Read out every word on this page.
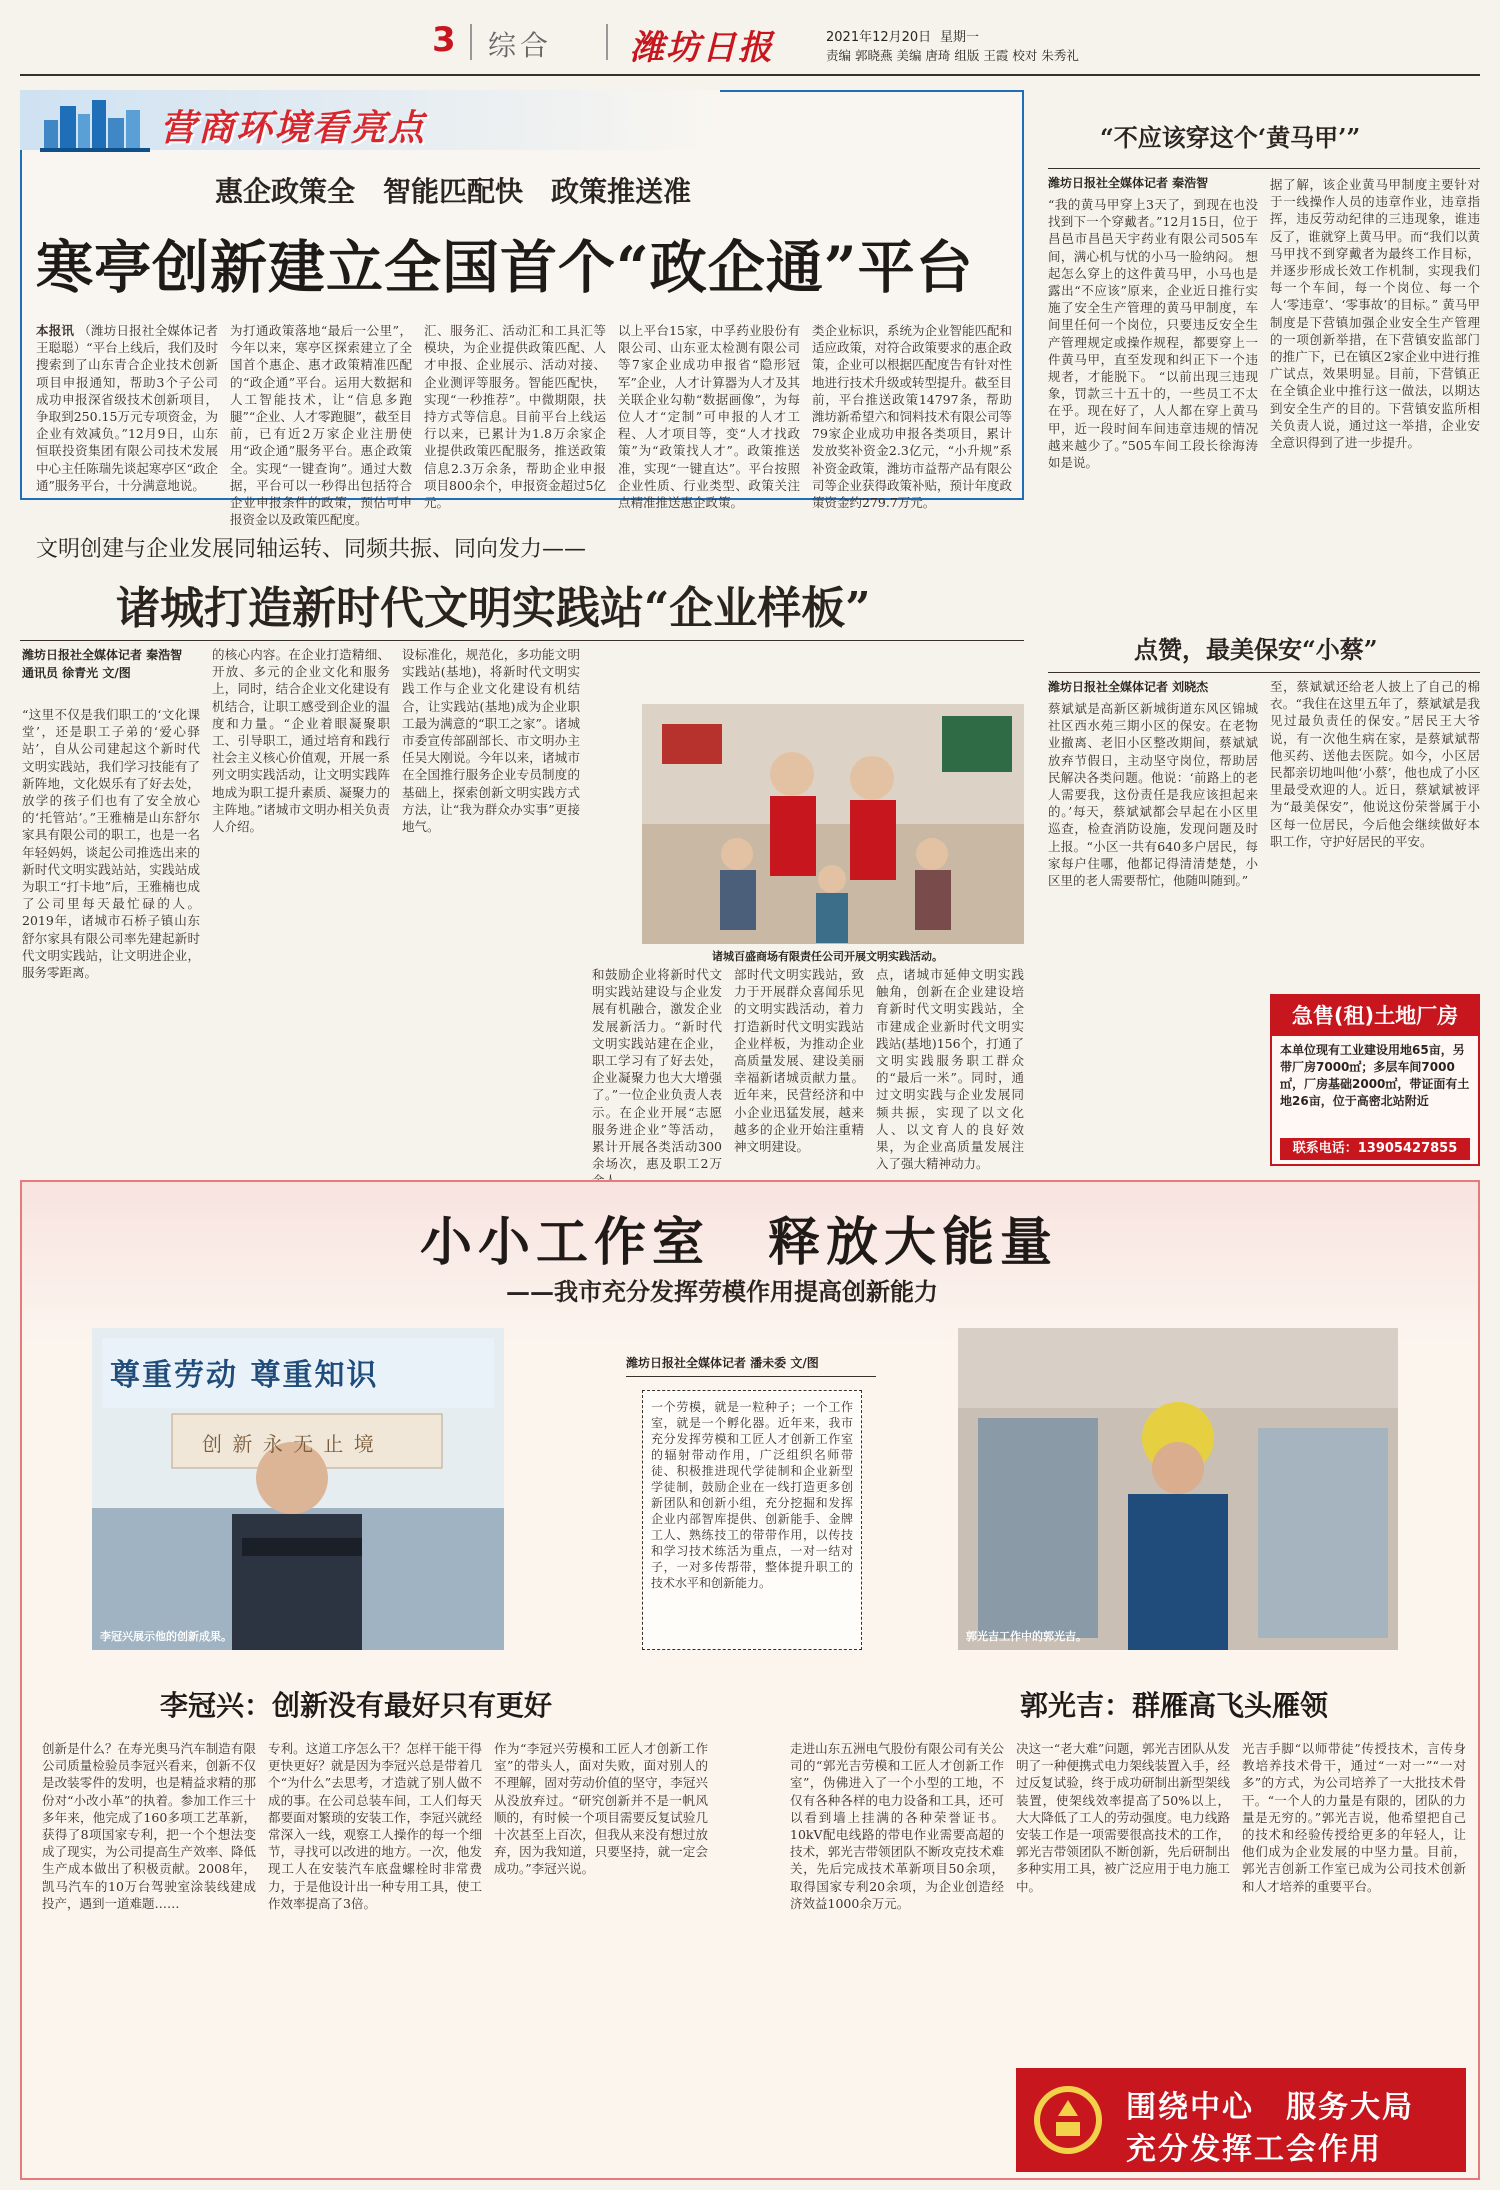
3 综合 潍坊日报	2021年12月20日 星期一
责编 郭晓燕 美编 唐琦 组版 王霞 校对 朱秀礼
营商环境看亮点
惠企政策全　智能匹配快　政策推送准
寒亭创新建立全国首个“政企通”平台
本报讯 （潍坊日报社全媒体记者 王聪聪）“平台上线后，我们及时搜索到了山东青合企业技术创新项目申报通知，帮助3个子公司成功申报深省级技术创新项目，争取到250.15万元专项资金，为企业有效减负。”12月9日，山东恒联投资集团有限公司技术发展中心主任陈瑞先谈起寒亭区“政企通”服务平台，十分满意地说。
为打通政策落地“最后一公里”，今年以来，寒亭区探索建立了全国首个惠企、惠才政策精准匹配的“政企通”平台。运用大数据和人工智能技术，让“信息多跑腿”“企业、人才零跑腿”，截至目前，已有近2万家企业注册使用“政企通”服务平台。惠企政策全。实现“一键查询”。通过大数据，平台可以一秒得出包括符合企业申报条件的政策，预估可申报资金以及政策匹配度。
汇、服务汇、活动汇和工具汇等模块，为企业提供政策匹配、人才申报、企业展示、活动对接、企业测评等服务。智能匹配快，实现“一秒推荐”。中微期限，扶持方式等信息。目前平台上线运行以来，已累计为1.8万余家企业提供政策匹配服务，推送政策信息2.3万余条，帮助企业申报项目800余个，申报资金超过5亿元。
以上平台15家，中孚药业股份有限公司、山东亚太检测有限公司等7家企业成功申报省“隐形冠军”企业，人才计算器为人才及其关联企业勾勒“数据画像”，为每位人才“定制”可申报的人才工程、人才项目等，变“人才找政策”为“政策找人才”。政策推送准，实现“一键直达”。平台按照企业性质、行业类型、政策关注点精准推送惠企政策。
类企业标识，系统为企业智能匹配和适应政策，对符合政策要求的惠企政策，企业可以根据匹配度告有针对性地进行技术升级或转型提升。截至目前，平台推送政策14797条，帮助潍坊新希望六和饲料技术有限公司等79家企业成功申报各类项目，累计发放奖补资金2.3亿元，“小升规”系补资金政策，潍坊市益帮产品有限公司等企业获得政策补贴，预计年度政策资金约279.7万元。
“不应该穿这个‘黄马甲’”
潍坊日报社全媒体记者 秦浩智
“我的黄马甲穿上3天了，到现在也没找到下一个穿戴者。”12月15日，位于昌邑市昌邑天宇药业有限公司505车间，满心机与忧的小马一脸纳闷。 想起怎么穿上的这件黄马甲，小马也是露出“不应该”原来，企业近日推行实施了安全生产管理的黄马甲制度，车间里任何一个岗位，只要违反安全生产管理规定或操作规程，都要穿上一件黄马甲，直至发现和纠正下一个违规者，才能脱下。 “以前出现三违现象，罚款三十五十的，一些员工不太在乎。现在好了，人人都在穿上黄马甲，近一段时间车间违章违规的情况越来越少了。”505车间工段长徐海涛如是说。
据了解，该企业黄马甲制度主要针对于一线操作人员的违章作业，违章指挥，违反劳动纪律的三违现象，谁违反了，谁就穿上黄马甲。而“我们以黄马甲找不到穿戴者为最终工作目标，并逐步形成长效工作机制，实现我们每一个车间，每一个岗位、每一个人‘零违章’、‘零事故’的目标。” 黄马甲制度是下营镇加强企业安全生产管理的一项创新举措，在下营镇安监部门的推广下，已在镇区2家企业中进行推广试点，效果明显。目前，下营镇正在全镇企业中推行这一做法，以期达到安全生产的目的。下营镇安监所相关负责人说，通过这一举措，企业安全意识得到了进一步提升。
文明创建与企业发展同轴运转、同频共振、同向发力——
诸城打造新时代文明实践站“企业样板”
潍坊日报社全媒体记者 秦浩智　通讯员 徐青光 文/图
“这里不仅是我们职工的‘文化课堂’，还是职工子弟的‘爱心驿站’，自从公司建起这个新时代文明实践站，我们学习技能有了新阵地，文化娱乐有了好去处，放学的孩子们也有了安全放心的‘托管站’。”王雅楠是山东舒尔家具有限公司的职工，也是一名年轻妈妈，谈起公司推选出来的新时代文明实践站站，实践站成为职工“打卡地”后，王雅楠也成了公司里每天最忙碌的人。2019年，诸城市石桥子镇山东舒尔家具有限公司率先建起新时代文明实践站，让文明进企业，服务零距离。
的核心内容。在企业打造精细、开放、多元的企业文化和服务上，同时，结合企业文化建设有机结合，让职工感受到企业的温度和力量。“企业着眼凝聚职工、引导职工，通过培育和践行社会主义核心价值观，开展一系列文明实践活动，让文明实践阵地成为职工提升素质、凝聚力的主阵地。”诸城市文明办相关负责人介绍。
设标准化，规范化，多功能文明实践站(基地)，将新时代文明实践工作与企业文化建设有机结合，让实践站(基地)成为企业职工最为满意的“职工之家”。诸城市委宣传部副部长、市文明办主任吴大刚说。今年以来，诸城市在全国推行服务企业专员制度的基础上，探索创新文明实践方式方法，让“我为群众办实事”更接地气。
和鼓励企业将新时代文明实践站建设与企业发展有机融合，激发企业发展新活力。“新时代文明实践站建在企业，职工学习有了好去处，企业凝聚力也大大增强了。”一位企业负责人表示。在企业开展“志愿服务进企业”等活动，累计开展各类活动300余场次，惠及职工2万
部时代文明实践站，致力于开展群众喜闻乐见的文明实践活动，着力打造新时代文明实践站企业样板，为推动企业高质量发展、建设美丽幸福新诸城贡献力量。近年来，民营经济和中小企业迅猛发展，越来越多的企业开始注重精神文明建设。
点，诸城市延伸文明实践触角，创新在企业建设培育新时代文明实践站，全市建成企业新时代文明实践站(基地)156个，打通了文明实践服务职工群众的“最后一米”。同时，通过文明实践与企业发展同频共振，实现了以文化人、以文育人的良好效果，为企业高质量发展注入了强大精神动力。
诸城百盛商场有限责任公司开展文明实践活动。
点赞，最美保安“小蔡”
潍坊日报社全媒体记者 刘晓杰
蔡斌斌是高新区新城街道东风区锦城社区西水苑三期小区的保安。在老物业撤离、老旧小区整改期间，蔡斌斌放弃节假日，主动坚守岗位，帮助居民解决各类问题。他说：‘前路上的老人需要我，这份责任是我应该担起来的。’每天，蔡斌斌都会早起在小区里巡查，检查消防设施，发现问题及时上报。“小区一共有640多户居民，每家每户住哪，他都记得清清楚楚，小区里的老人需要帮忙，他随叫随到。”
至，蔡斌斌还给老人披上了自己的棉衣。“我住在这里五年了，蔡斌斌是我见过最负责任的保安。”居民王大爷说，有一次他生病在家，是蔡斌斌帮他买药、送他去医院。如今，小区居民都亲切地叫他‘小蔡’，他也成了小区里最受欢迎的人。近日，蔡斌斌被评为“最美保安”，他说这份荣誉属于小区每一位居民，今后他会继续做好本职工作，守护好居民的平安。
急售(租)土地厂房
本单位现有工业建设用地65亩，另带厂房7000㎡；多层车间7000㎡，厂房基础2000㎡，带证面有土地26亩，位于高密北站附近
联系电话：13905427855
小小工作室　释放大能量
——我市充分发挥劳模作用提高创新能力
尊重劳动 尊重知识
创 新 永 无 止 境
李冠兴展示他的创新成果。
潍坊日报社全媒体记者 潘未委 文/图
一个劳模，就是一粒种子；一个工作室，就是一个孵化器。近年来，我市充分发挥劳模和工匠人才创新工作室的辐射带动作用，广泛组织名师带徒、积极推进现代学徒制和企业新型学徒制，鼓励企业在一线打造更多创新团队和创新小组，充分挖掘和发挥企业内部智库提供、创新能手、金牌工人、熟练技工的带带作用，以传技和学习技术练活为重点，一对一结对子，一对多传帮带，整体提升职工的技术水平和创新能力。
郭光吉工作中的郭光吉。
李冠兴：创新没有最好只有更好	郭光吉：群雁高飞头雁领
创新是什么？在寿光奥马汽车制造有限公司质量检验员李冠兴看来，创新不仅是改装零件的发明，也是精益求精的那份对“小改小革”的执着。参加工作三十多年来，他完成了160多项工艺革新，获得了8项国家专利，把一个个想法变成了现实，为公司提高生产效率、降低生产成本做出了积极贡献。2008年，凯马汽车的10万台驾驶室涂装线建成投产，遇到一道难题……
专利。这道工序怎么干？怎样干能干得更快更好？就是因为李冠兴总是带着几个“为什么”去思考，才造就了别人做不成的事。在公司总装车间，工人们每天都要面对繁琐的安装工作，李冠兴就经常深入一线，观察工人操作的每一个细节，寻找可以改进的地方。一次，他发现工人在安装汽车底盘螺栓时非常费力，于是他设计出一种专用工具，使工作效率提高了3倍。
作为“李冠兴劳模和工匠人才创新工作室”的带头人，面对失败，面对别人的不理解，固对劳动价值的坚守，李冠兴从没放弃过。“研究创新并不是一帆风顺的，有时候一个项目需要反复试验几十次甚至上百次，但我从来没有想过放弃，因为我知道，只要坚持，就一定会成功。”李冠兴说。
走进山东五洲电气股份有限公司有关公司的“郭光吉劳模和工匠人才创新工作室”，伪佛进入了一个小型的工地，不仅有各种各样的电力设备和工具，还可以看到墙上挂满的各种荣誉证书。10kV配电线路的带电作业需要高超的技术，郭光吉带领团队不断攻克技术难关，先后完成技术革新项目50余项，取得国家专利20余项，为企业创造经济效益1000余万元。
决这一“老大难”问题，郭光吉团队从发明了一种便携式电力架线装置入手，经过反复试验，终于成功研制出新型架线装置，使架线效率提高了50%以上，大大降低了工人的劳动强度。电力线路安装工作是一项需要很高技术的工作，郭光吉带领团队不断创新，先后研制出多种实用工具，被广泛应用于电力施工中。
光吉手脚“以师带徒”传授技术，言传身教培养技术骨干，通过“一对一”“一对多”的方式，为公司培养了一大批技术骨干。“一个人的力量是有限的，团队的力量是无穷的。”郭光吉说，他希望把自己的技术和经验传授给更多的年轻人，让他们成为企业发展的中坚力量。目前，郭光吉创新工作室已成为公司技术创新和人才培养的重要平台。
围绕中心　服务大局
充分发挥工会作用
